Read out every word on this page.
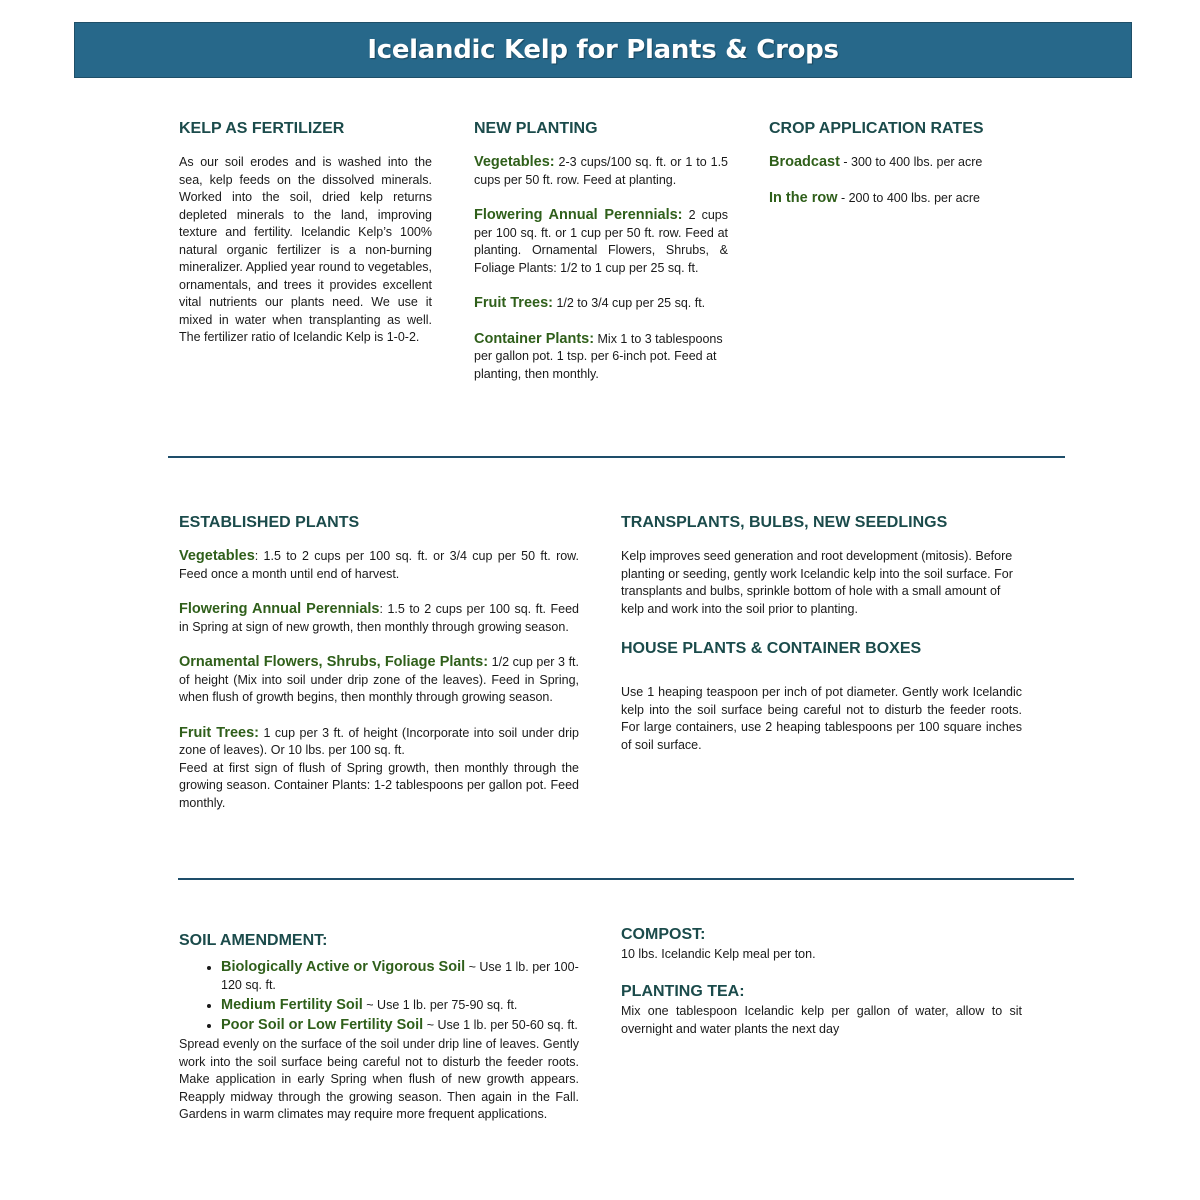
Icelandic Kelp for Plants & Crops
KELP AS FERTILIZER

As our soil erodes and is washed into the sea, kelp feeds on the dissolved minerals. Worked into the soil, dried kelp returns depleted minerals to the land, improving texture and fertility. Icelandic Kelp’s 100% natural organic fertilizer is a non-burning mineralizer. Applied year round to vegetables, ornamentals, and trees it provides excellent vital nutrients our plants need. We use it mixed in water when transplanting as well. The fertilizer ratio of Icelandic Kelp is 1-0-2.

NEW PLANTING

Vegetables: 2-3 cups/100 sq. ft. or 1 to 1.5 cups per 50 ft. row. Feed at planting.

Flowering Annual Perennials: 2 cups per 100 sq. ft. or 1 cup per 50 ft. row. Feed at planting. Ornamental Flowers, Shrubs, & Foliage Plants: 1/2 to 1 cup per 25 sq. ft.

Fruit Trees: 1/2 to 3/4 cup per 25 sq. ft.

Container Plants: Mix 1 to 3 tablespoons per gallon pot. 1 tsp. per 6-inch pot. Feed at planting, then monthly.

CROP APPLICATION RATES

Broadcast - 300 to 400 lbs. per acre

In the row - 200 to 400 lbs. per acre

ESTABLISHED PLANTS

Vegetables: 1.5 to 2 cups per 100 sq. ft. or 3/4 cup per 50 ft. row. Feed once a month until end of harvest.

Flowering Annual Perennials: 1.5 to 2 cups per 100 sq. ft. Feed in Spring at sign of new growth, then monthly through growing season.

Ornamental Flowers, Shrubs, Foliage Plants: 1/2 cup per 3 ft. of height (Mix into soil under drip zone of the leaves). Feed in Spring, when flush of growth begins, then monthly through growing season.

Fruit Trees: 1 cup per 3 ft. of height (Incorporate into soil under drip zone of leaves). Or 10 lbs. per 100 sq. ft.

Feed at first sign of flush of Spring growth, then monthly through the growing season. Container Plants: 1-2 tablespoons per gallon pot. Feed monthly.

TRANSPLANTS, BULBS, NEW SEEDLINGS

Kelp improves seed generation and root development (mitosis). Before planting or seeding, gently work Icelandic kelp into the soil surface. For transplants and bulbs, sprinkle bottom of hole with a small amount of kelp and work into the soil prior to planting.

HOUSE PLANTS & CONTAINER BOXES

Use 1 heaping teaspoon per inch of pot diameter. Gently work Icelandic kelp into the soil surface being careful not to disturb the feeder roots. For large containers, use 2 heaping tablespoons per 100 square inches of soil surface.

SOIL AMENDMENT:
• Biologically Active or Vigorous Soil ~ Use 1 lb. per 100-120 sq. ft.
• Medium Fertility Soil ~ Use 1 lb. per 75-90 sq. ft.
• Poor Soil or Low Fertility Soil ~ Use 1 lb. per 50-60 sq. ft.

Spread evenly on the surface of the soil under drip line of leaves. Gently work into the soil surface being careful not to disturb the feeder roots. Make application in early Spring when flush of new growth appears. Reapply midway through the growing season. Then again in the Fall. Gardens in warm climates may require more frequent applications.

COMPOST:

10 lbs. Icelandic Kelp meal per ton.

PLANTING TEA:

Mix one tablespoon Icelandic kelp per gallon of water, allow to sit overnight and water plants the next day
